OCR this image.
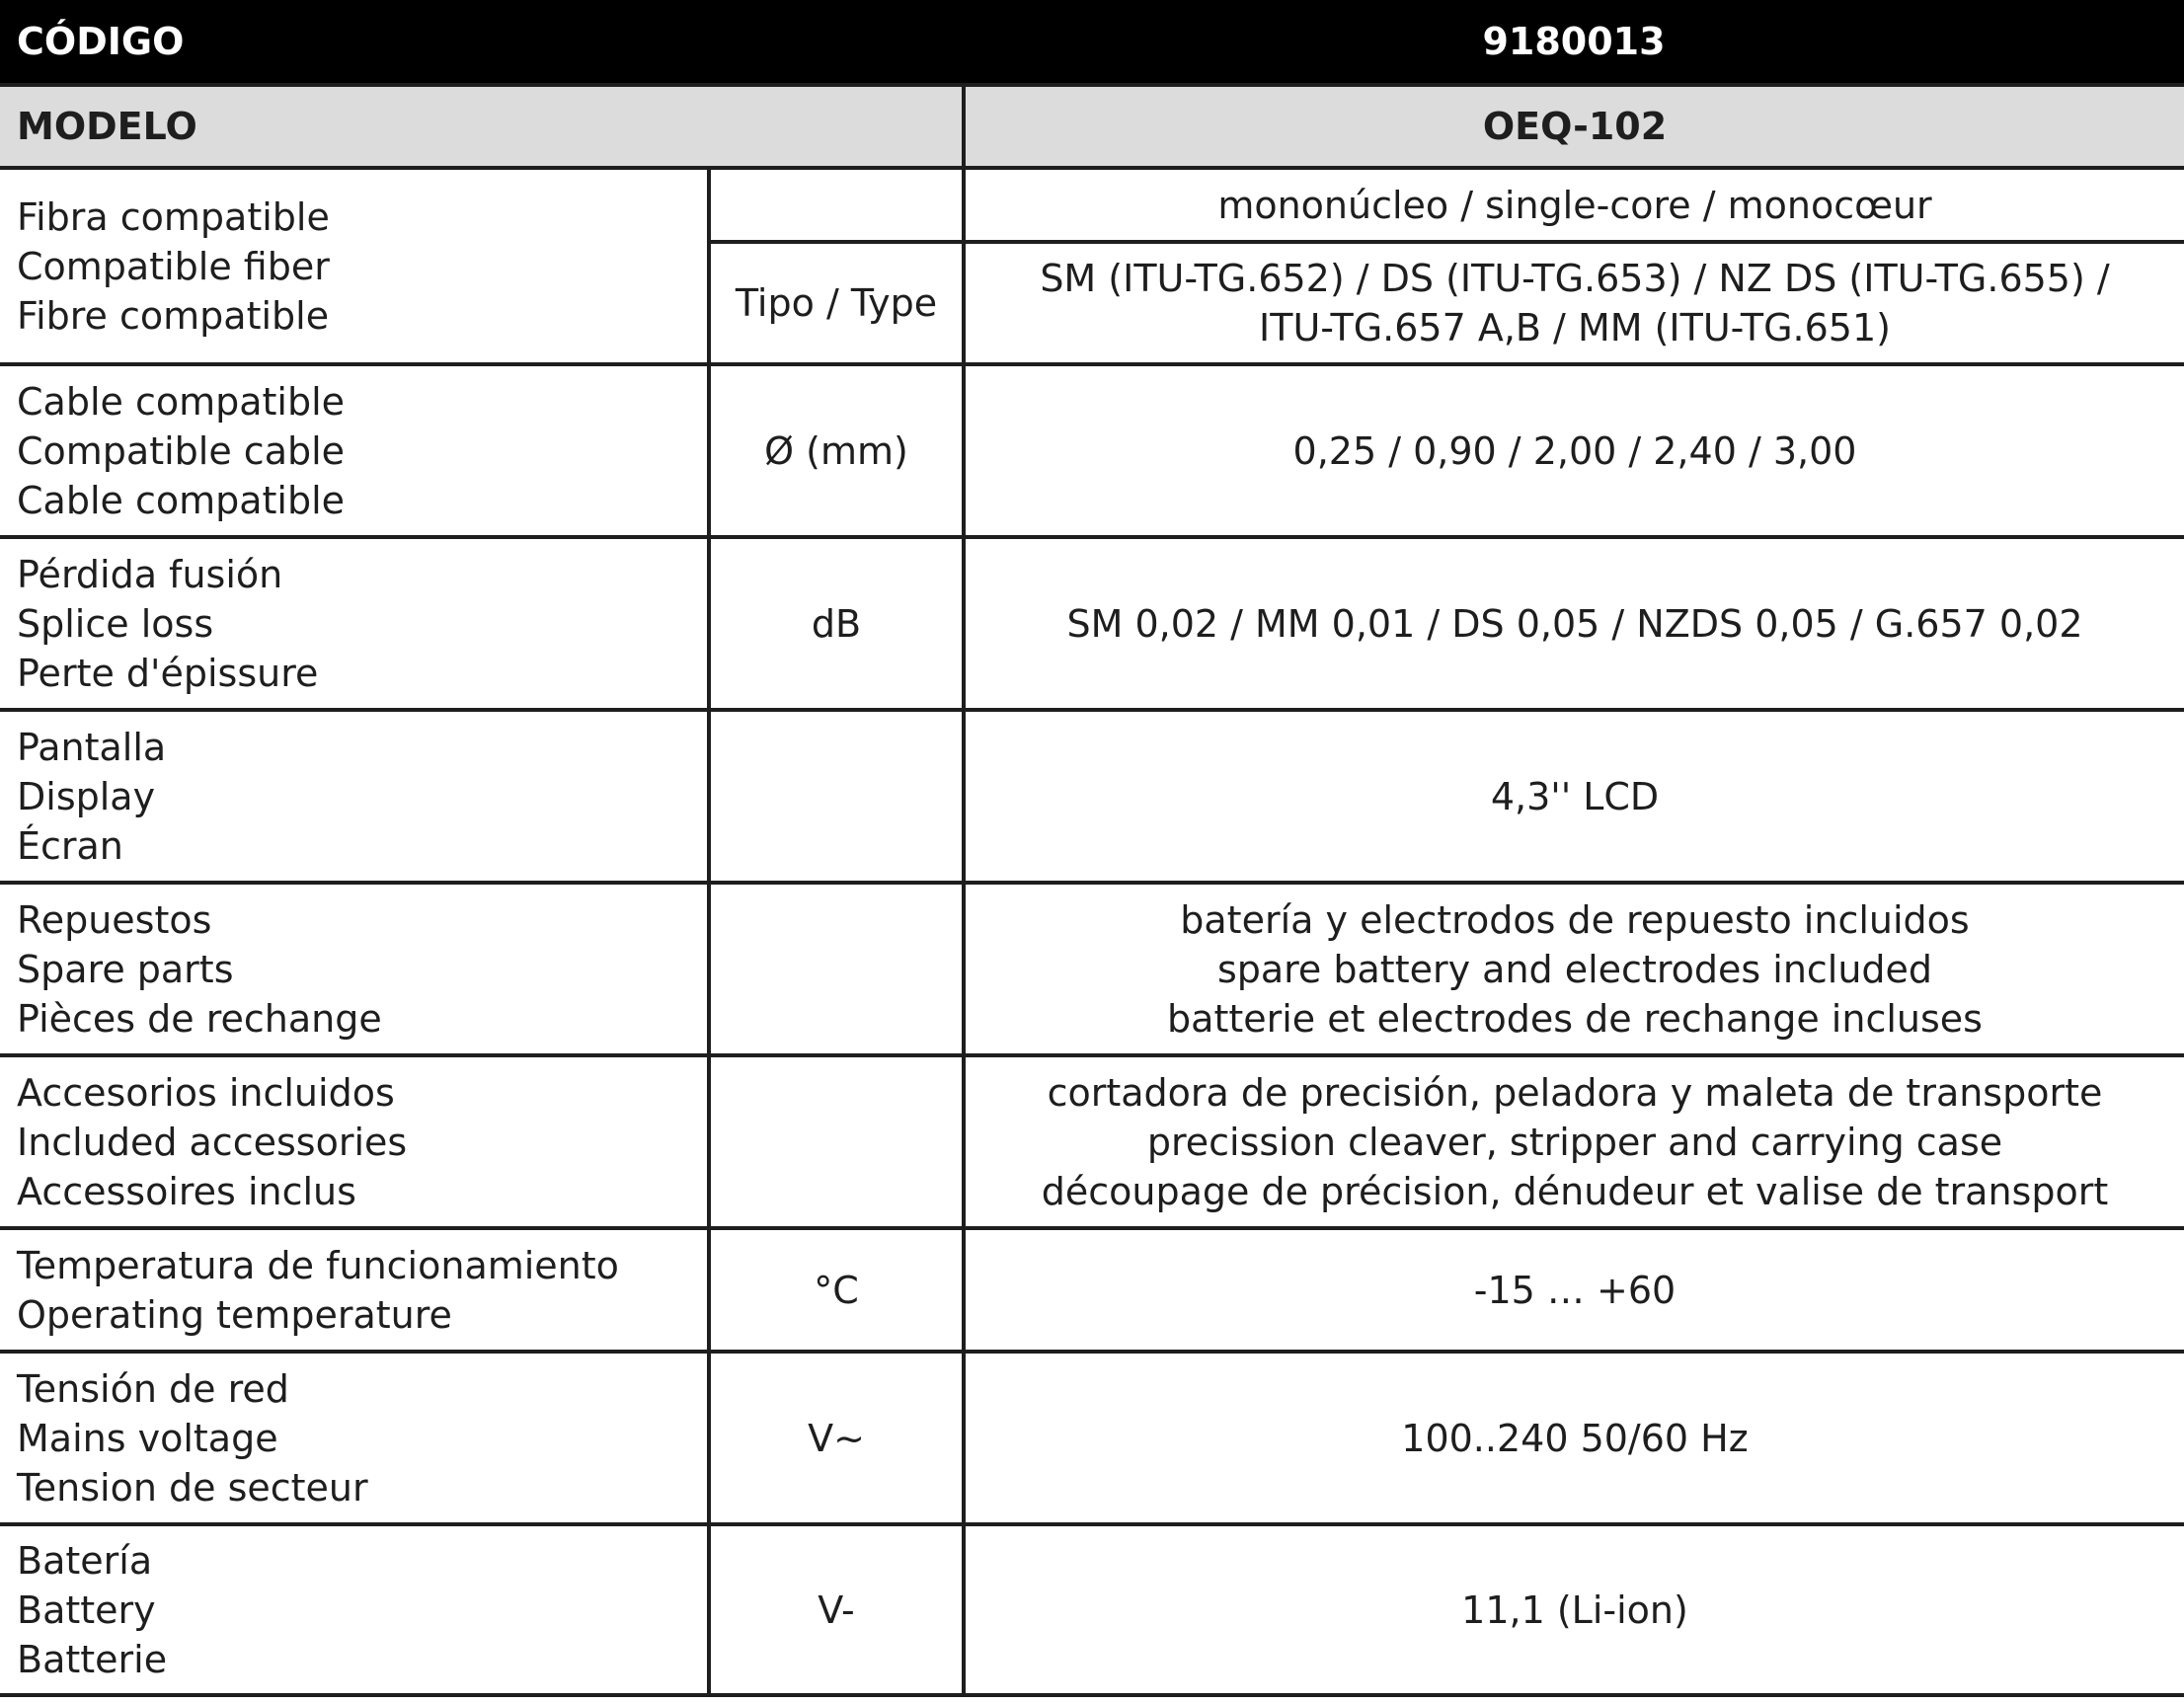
CÓDIGO		9180013
MODELO		OEQ-102

Fibra compatible
Compatible fiber
Fibre compatible		mononúcleo / single-core / monocœur

	Tipo / Type	SM (ITU-TG.652) / DS (ITU-TG.653) / NZ DS (ITU-TG.655) /
ITU-TG.657 A,B / MM (ITU-TG.651)

Cable compatible
Compatible cable
Cable compatible	Ø (mm)	0,25 / 0,90 / 2,00 / 2,40 / 3,00

Pérdida fusión
Splice loss
Perte d'épissure	dB	SM 0,02 / MM 0,01 / DS 0,05 / NZDS 0,05 / G.657 0,02

Pantalla
Display
Écran		4,3'' LCD

Repuestos
Spare parts
Pièces de rechange		batería y electrodos de repuesto incluidos
spare battery and electrodes included
batterie et electrodes de rechange incluses

Accesorios incluidos
Included accessories
Accessoires inclus		cortadora de precisión, peladora y maleta de transporte
precission cleaver, stripper and carrying case
découpage de précision, dénudeur et valise de transport

Temperatura de funcionamiento
Operating temperature	°C	-15 … +60

Tensión de red
Mains voltage
Tension de secteur	V~	100..240 50/60 Hz

Batería
Battery
Batterie	V-	11,1 (Li-ion)
